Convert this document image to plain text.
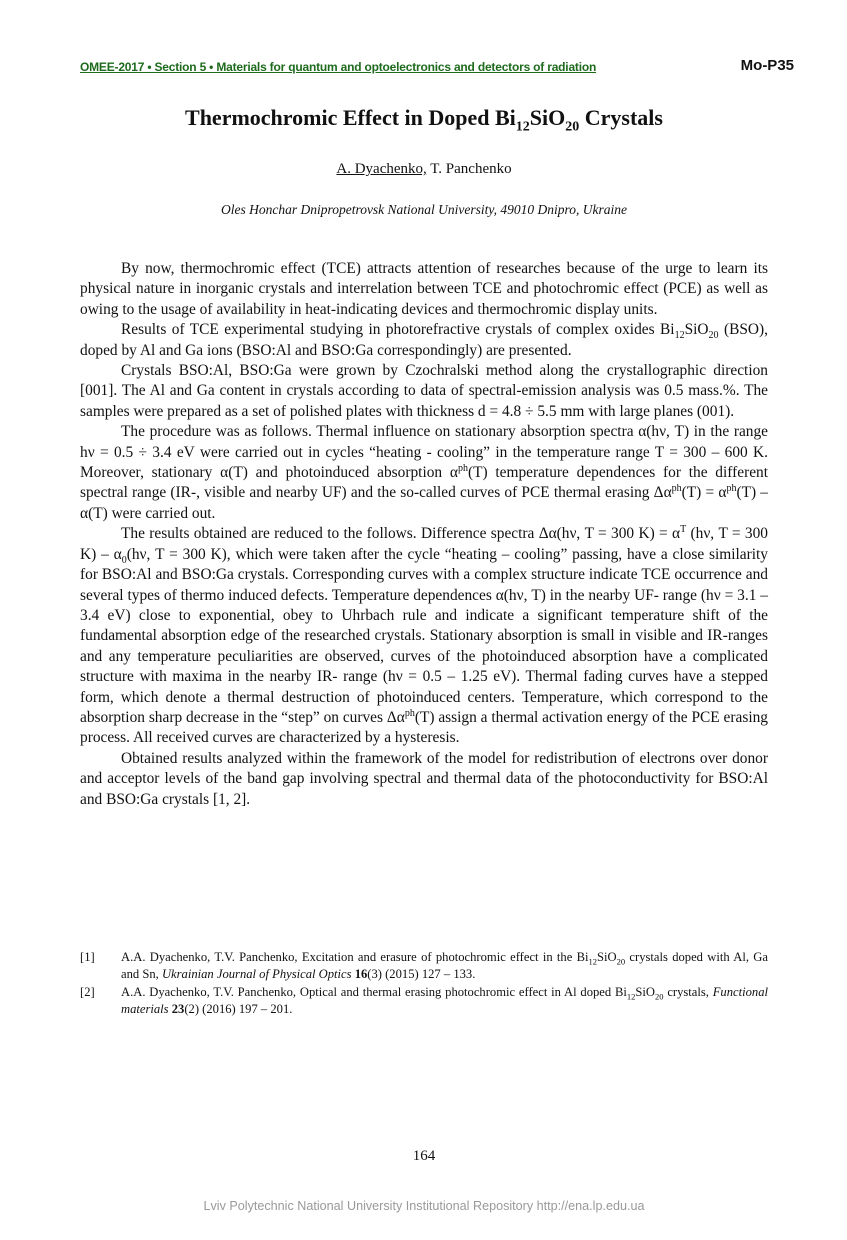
OMEE-2017 • Section 5 • Materials for quantum and optoelectronics and detectors of radiation	Mo-P35
Thermochromic Effect in Doped $Bi_{12}SiO_{20}$ Crystals
A. Dyachenko, T. Panchenko
Oles Honchar Dnipropetrovsk National University, 49010 Dnipro, Ukraine

By now, thermochromic effect (TCE) attracts attention of researches because of the urge to learn its physical nature in inorganic crystals and interrelation between TCE and photochromic effect (PCE) as well as owing to the usage of availability in heat-indicating devices and thermochromic display units.

Results of TCE experimental studying in photorefractive crystals of complex oxides $Bi_{12}SiO_{20}$ (BSO), doped by Al and Ga ions (BSO:Al and BSO:Ga correspondingly) are presented.

Crystals BSO:Al, BSO:Ga were grown by Czochralski method along the crystallographic direction [001]. The Al and Ga content in crystals according to data of spectral-emission analysis was 0.5 mass.%. The samples were prepared as a set of polished plates with thickness d = 4.8 ÷ 5.5 mm with large planes (001).

The procedure was as follows. Thermal influence on stationary absorption spectra α(hν, T) in the range hν = 0.5 ÷ 3.4 eV were carried out in cycles “heating - cooling” in the temperature range T = 300 – 600 K. Moreover, stationary α(T) and photoinduced absorption $\alpha^{ph}(T)$ temperature dependences for the different spectral range (IR-, visible and nearby UF) and the so-called curves of PCE thermal erasing $\Delta\alpha^{ph}(T) = \alpha^{ph}(T) - \alpha(T)$ were carried out.

The results obtained are reduced to the follows. Difference spectra Δα(hν, T = 300 $K) = \alpha^T$ (hν, T = 300 $K) - \alpha_0(h\nu$, T = 300 K), which were taken after the cycle “heating – cooling” passing, have a close similarity for BSO:Al and BSO:Ga crystals. Corresponding curves with a complex structure indicate TCE occurrence and several types of thermo induced defects. Temperature dependences α(hν, T) in the nearby UF- range (hν = 3.1 – 3.4 eV) close to exponential, obey to Uhrbach rule and indicate a significant temperature shift of the fundamental absorption edge of the researched crystals. Stationary absorption is small in visible and IR-ranges and any temperature peculiarities are observed, curves of the photoinduced absorption have a complicated structure with maxima in the nearby IR- range (hν = 0.5 – 1.25 eV). Thermal fading curves have a stepped form, which denote a thermal destruction of photoinduced centers. Temperature, which correspond to the absorption sharp decrease in the “step” on curves $\Delta\alpha^{ph}(T)$ assign a thermal activation energy of the PCE erasing process. All received curves are characterized by a hysteresis.

Obtained results analyzed within the framework of the model for redistribution of electrons over donor and acceptor levels of the band gap involving spectral and thermal data of the photoconductivity for BSO:Al and BSO:Ga crystals [1, 2].

[1]	A.A. Dyachenko, T.V. Panchenko, Excitation and erasure of photochromic effect in the $Bi_{12}SiO_{20}$ crystals doped with Al, Ga and Sn, Ukrainian Journal of Physical Optics 16(3) (2015) 127 – 133.
[2]	A.A. Dyachenko, T.V. Panchenko, Optical and thermal erasing photochromic effect in Al doped $Bi_{12}SiO_{20}$ crystals, Functional materials 23(2) (2016) 197 – 201.
164
Lviv Polytechnic National University Institutional Repository http://ena.lp.edu.ua
